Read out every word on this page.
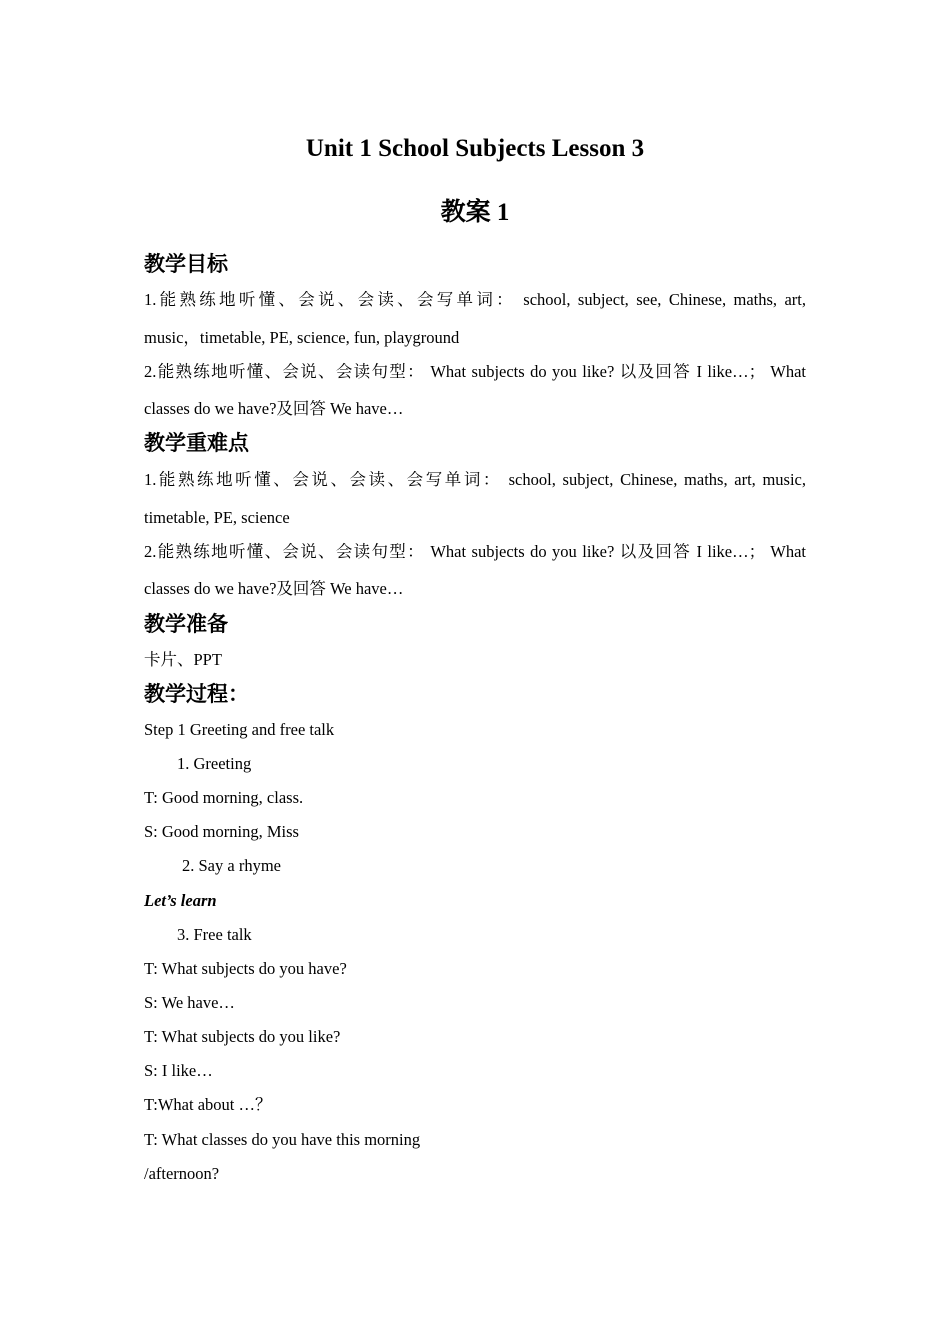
Unit 1 School Subjects Lesson 3
教案 1
教学目标
1.能熟练地听懂、会说、会读、会写单词： school, subject, see, Chinese, maths, art,
music，timetable, PE, science, fun, playground
2.能熟练地听懂、会说、会读句型： What subjects do you like? 以及回答 I like…； What
classes do we have?及回答 We have…
教学重难点
1.能熟练地听懂、会说、会读、会写单词： school, subject, Chinese, maths, art, music,
timetable, PE, science
2.能熟练地听懂、会说、会读句型： What subjects do you like? 以及回答 I like…； What
classes do we have?及回答 We have…
教学准备
卡片、PPT
教学过程：
Step 1 Greeting and free talk
1. Greeting
T: Good morning, class.
S: Good morning, Miss
2. Say a rhyme
Let’s learn
3. Free talk
T: What subjects do you have?
S: We have…
T: What subjects do you like?
S: I like…
T:What about …？
T: What classes do you have this morning
/afternoon?
